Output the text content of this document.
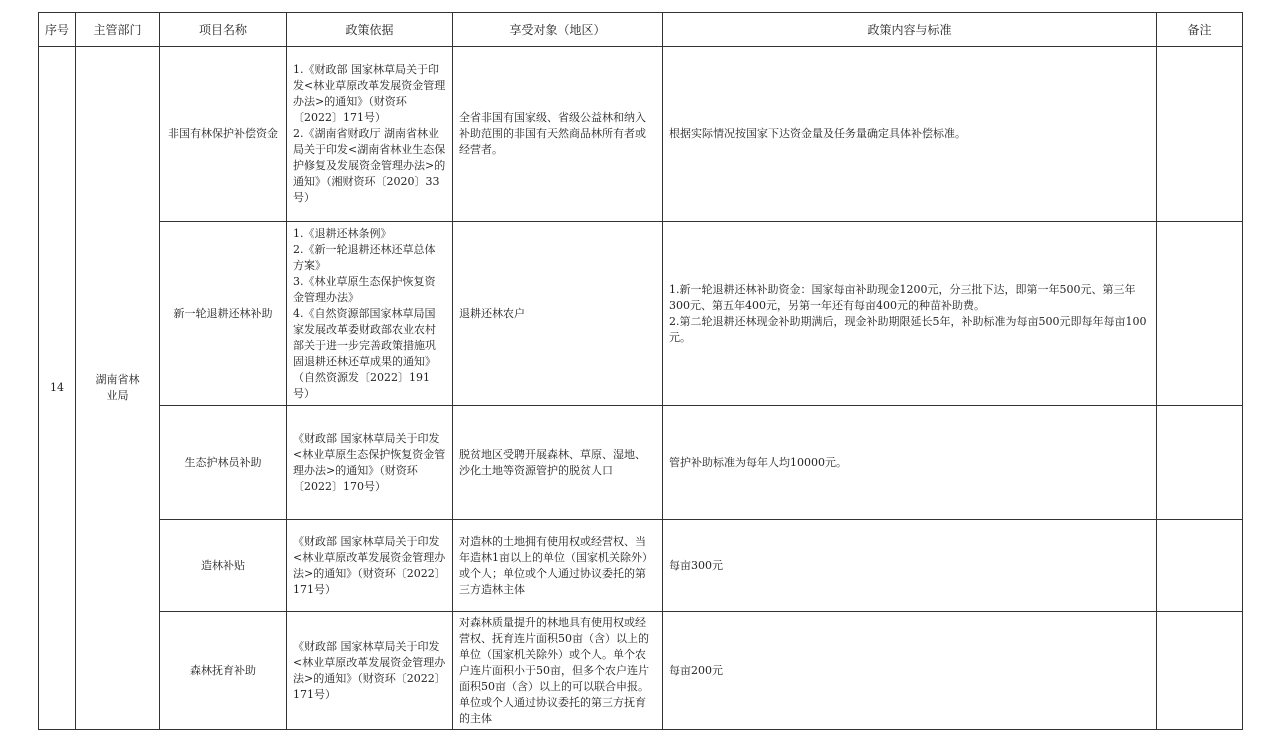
序号	主管部门	项目名称	政策依据	享受对象（地区）	政策内容与标准	备注
14	湖南省林业局	非国有林保护补偿资金	1.《财政部 国家林草局关于印发<林业草原改革发展资金管理办法>的通知》（财资环〔2022〕171号）
2.《湖南省财政厅 湖南省林业局关于印发<湖南省林业生态保护修复及发展资金管理办法>的通知》（湘财资环〔2020〕33号）	全省非国有国家级、省级公益林和纳入补助范围的非国有天然商品林所有者或经营者。	根据实际情况按国家下达资金量及任务量确定具体补偿标准。	

		新一轮退耕还林补助	1.《退耕还林条例》
2.《新一轮退耕还林还草总体方案》
3.《林业草原生态保护恢复资金管理办法》
4.《自然资源部国家林草局国家发展改革委财政部农业农村部关于进一步完善政策措施巩固退耕还林还草成果的通知》（自然资源发〔2022〕191号）	退耕还林农户	1.新一轮退耕还林补助资金：国家每亩补助现金1200元，分三批下达，即第一年500元、第三年300元、第五年400元，另第一年还有每亩400元的种苗补助费。
2.第二轮退耕还林现金补助期满后，现金补助期限延长5年，补助标准为每亩500元即每年每亩100元。	

		生态护林员补助	《财政部 国家林草局关于印发<林业草原生态保护恢复资金管理办法>的通知》（财资环〔2022〕170号）	脱贫地区受聘开展森林、草原、湿地、沙化土地等资源管护的脱贫人口	管护补助标准为每年人均10000元。	

		造林补贴	《财政部 国家林草局关于印发<林业草原改革发展资金管理办法>的通知》（财资环〔2022〕171号）	对造林的土地拥有使用权或经营权、当年造林1亩以上的单位（国家机关除外）或个人；单位或个人通过协议委托的第三方造林主体	每亩300元	

		森林抚育补助	《财政部 国家林草局关于印发<林业草原改革发展资金管理办法>的通知》（财资环〔2022〕171号）	对森林质量提升的林地具有使用权或经营权、抚育连片面积50亩（含）以上的单位（国家机关除外）或个人。单个农户连片面积小于50亩，但多个农户连片面积50亩（含）以上的可以联合申报。单位或个人通过协议委托的第三方抚育的主体	每亩200元	
